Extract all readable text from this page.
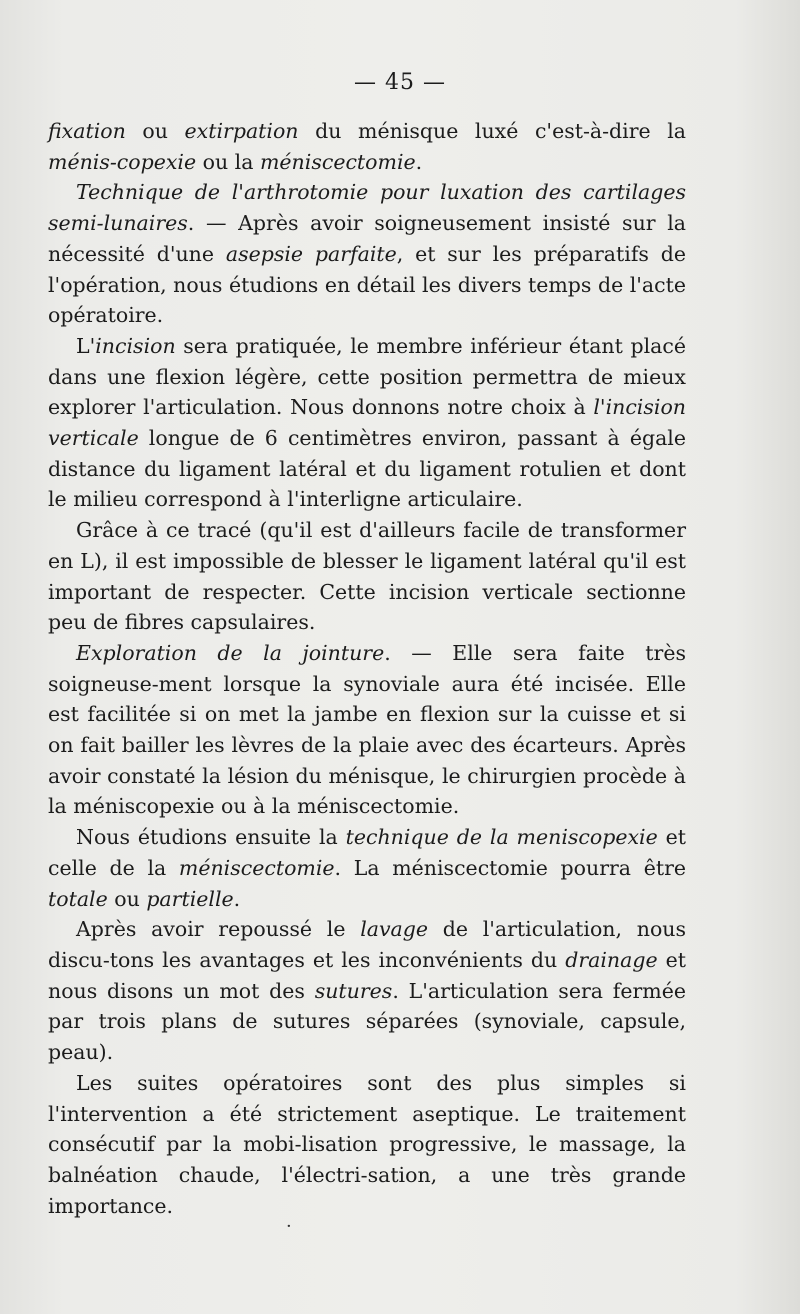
— 45 —

fixation ou extirpation du ménisque luxé c'est-à-dire la ménis-copexie ou la méniscectomie.

Technique de l'arthrotomie pour luxation des cartilages semi-lunaires. — Après avoir soigneusement insisté sur la nécessité d'une asepsie parfaite, et sur les préparatifs de l'opération, nous étudions en détail les divers temps de l'acte opératoire.

L'incision sera pratiquée, le membre inférieur étant placé dans une flexion légère, cette position permettra de mieux explorer l'articulation. Nous donnons notre choix à l'incision verticale longue de 6 centimètres environ, passant à égale distance du ligament latéral et du ligament rotulien et dont le milieu correspond à l'interligne articulaire.

Grâce à ce tracé (qu'il est d'ailleurs facile de transformer en L), il est impossible de blesser le ligament latéral qu'il est important de respecter. Cette incision verticale sectionne peu de fibres capsulaires.

Exploration de la jointure. — Elle sera faite très soigneuse-ment lorsque la synoviale aura été incisée. Elle est facilitée si on met la jambe en flexion sur la cuisse et si on fait bailler les lèvres de la plaie avec des écarteurs. Après avoir constaté la lésion du ménisque, le chirurgien procède à la méniscopexie ou à la méniscectomie.

Nous étudions ensuite la technique de la meniscopexie et celle de la méniscectomie. La méniscectomie pourra être totale ou partielle.

Après avoir repoussé le lavage de l'articulation, nous discu-tons les avantages et les inconvénients du drainage et nous disons un mot des sutures. L'articulation sera fermée par trois plans de sutures séparées (synoviale, capsule, peau).

Les suites opératoires sont des plus simples si l'intervention a été strictement aseptique. Le traitement consécutif par la mobi-lisation progressive, le massage, la balnéation chaude, l'électri-sation, a une très grande importance.

·
